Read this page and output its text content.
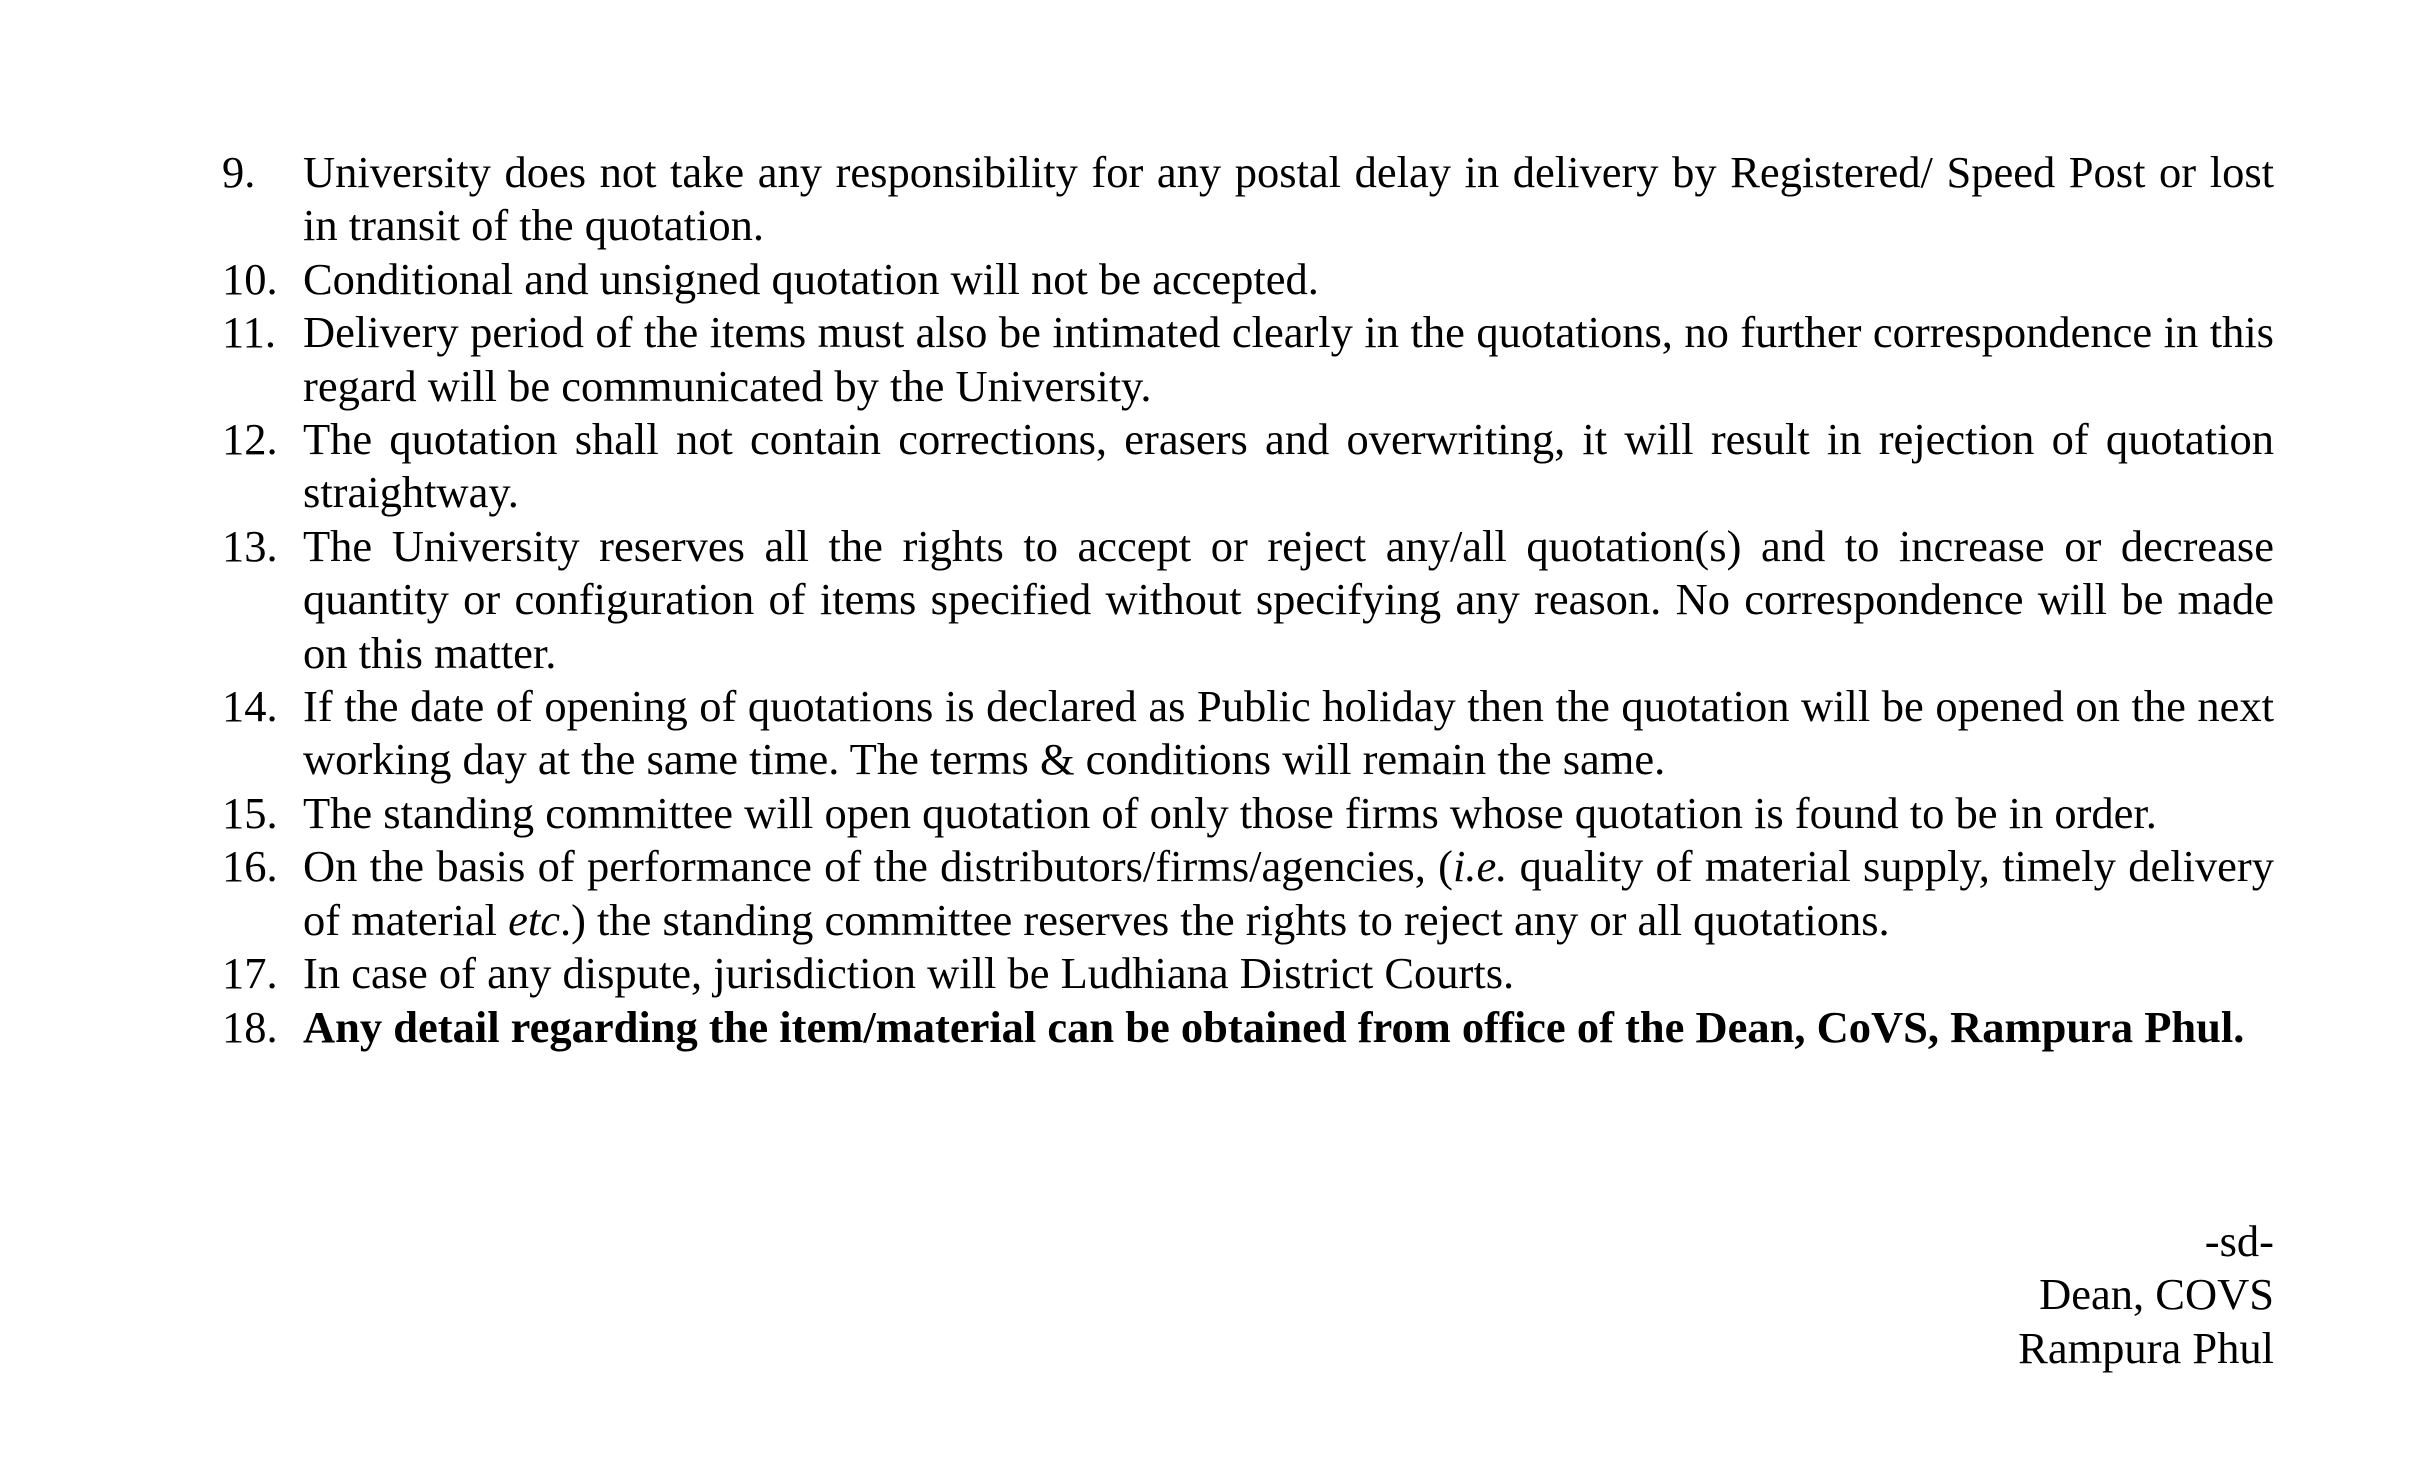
9. University does not take any responsibility for any postal delay in delivery by Registered/ Speed Post or lost in transit of the quotation.
10. Conditional and unsigned quotation will not be accepted.
11. Delivery period of the items must also be intimated clearly in the quotations, no further correspondence in this regard will be communicated by the University.
12. The quotation shall not contain corrections, erasers and overwriting, it will result in rejection of quotation straightway.
13. The University reserves all the rights to accept or reject any/all quotation(s) and to increase or decrease quantity or configuration of items specified without specifying any reason. No correspondence will be made on this matter.
14. If the date of opening of quotations is declared as Public holiday then the quotation will be opened on the next working day at the same time. The terms & conditions will remain the same.
15. The standing committee will open quotation of only those firms whose quotation is found to be in order.
16. On the basis of performance of the distributors/firms/agencies, (i.e. quality of material supply, timely delivery of material etc.) the standing committee reserves the rights to reject any or all quotations.
17. In case of any dispute, jurisdiction will be Ludhiana District Courts.
18. Any detail regarding the item/material can be obtained from office of the Dean, CoVS, Rampura Phul.
-sd-
Dean, COVS
Rampura Phul
